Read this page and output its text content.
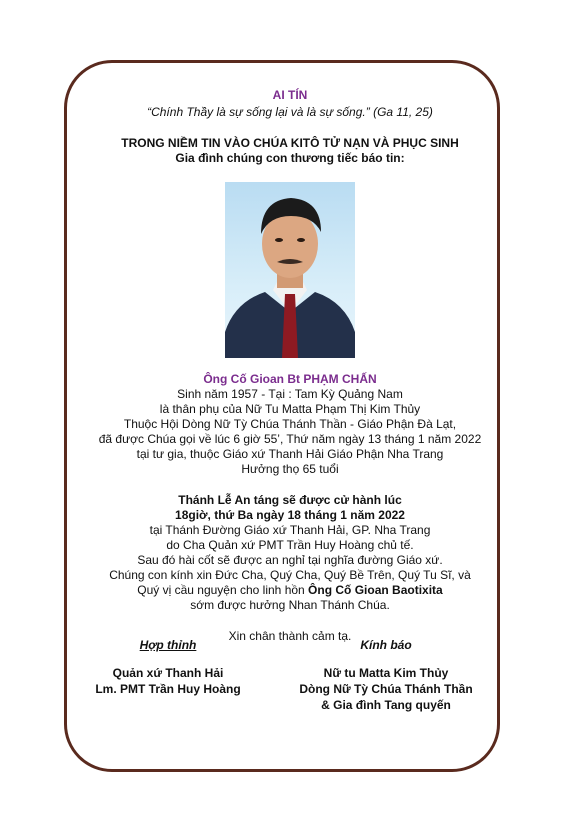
AI TÍN

“Chính Thầy là sự sống lại và là sự sống.” (Ga 11, 25)

TRONG NIỀM TIN VÀO CHÚA KITÔ TỬ NẠN VÀ PHỤC SINH

Gia đình chúng con thương tiếc báo tin:

Ông Cố Gioan Bt PHẠM CHẤN

Sinh năm 1957 - Tại : Tam Kỳ Quảng Nam

là thân phụ của Nữ Tu Matta Phạm Thị Kim Thủy

Thuộc Hội Dòng Nữ Tỳ Chúa Thánh Thần - Giáo Phận Đà Lạt,

đã được Chúa gọi về lúc 6 giờ 55’, Thứ năm ngày 13 tháng 1 năm 2022

tại tư gia, thuộc Giáo xứ Thanh Hải Giáo Phận Nha Trang

Hưởng thọ 65 tuổi

Thánh Lễ An táng sẽ được cử hành lúc

18giờ, thứ Ba ngày 18 tháng 1 năm 2022

tại Thánh Đường Giáo xứ Thanh Hải, GP. Nha Trang

do Cha Quản xứ PMT Trần Huy Hoàng chủ tế.

Sau đó hài cốt sẽ được an nghỉ tại nghĩa đường Giáo xứ.

Chúng con kính xin Đức Cha, Quý Cha, Quý Bề Trên, Quý Tu Sĩ, và

Quý vị cầu nguyện cho linh hồn Ông Cố Gioan Baotixita

sớm được hưởng Nhan Thánh Chúa.

Xin chân thành cảm tạ.

Hợp thỉnh
Quản xứ Thanh Hải
Lm. PMT Trần Huy Hoàng
Kính báo
Nữ tu Matta Kim Thủy
Dòng Nữ Tỳ Chúa Thánh Thần
& Gia đình Tang quyến
